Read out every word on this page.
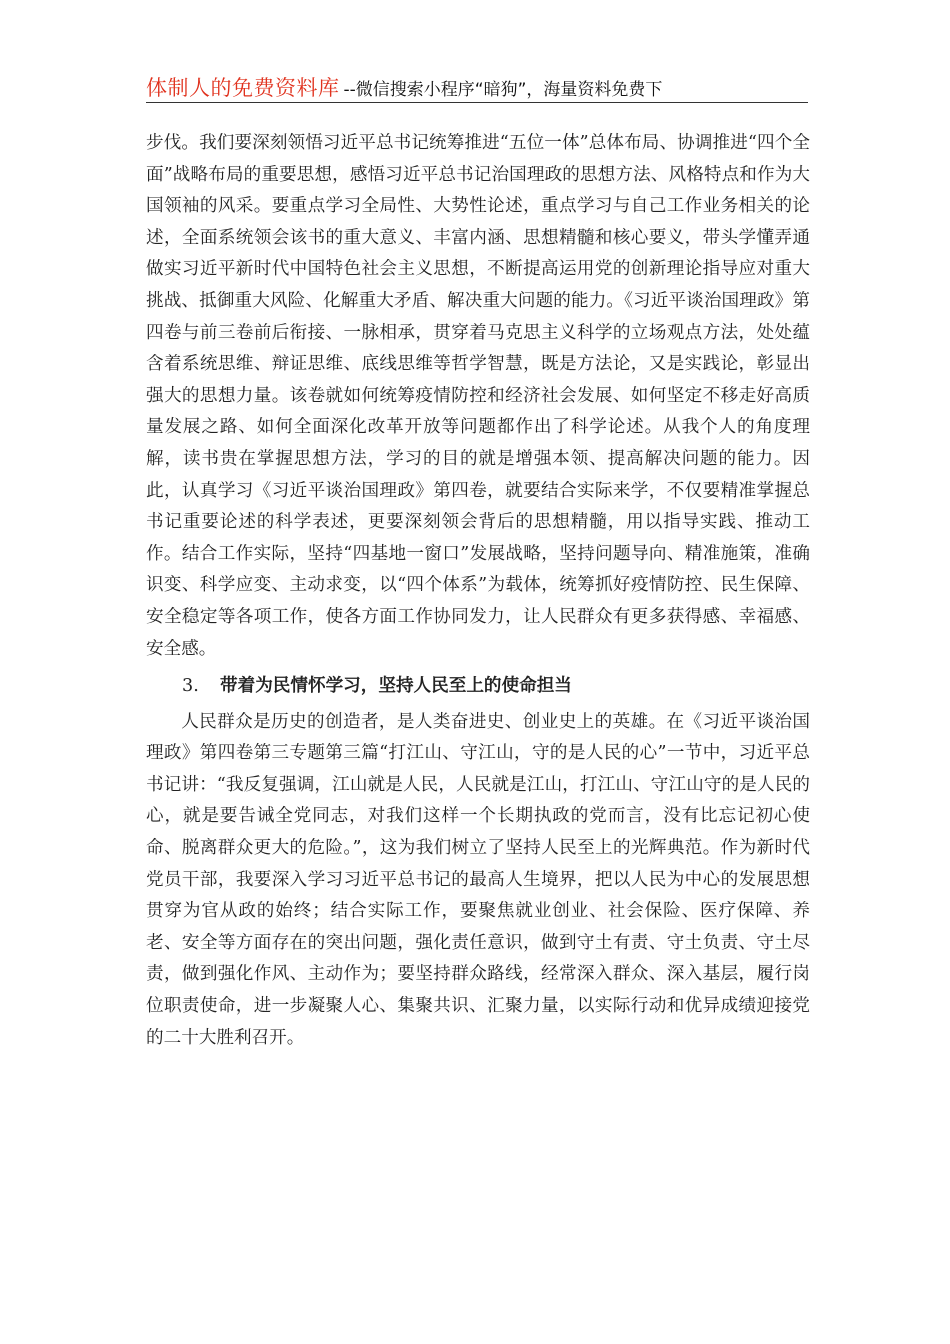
体制人的免费资料库 --微信搜索小程序“暗狗”，海量资料免费下

步伐。我们要深刻领悟习近平总书记统筹推进“五位一体”总体布局、协调推进“四个全面”战略布局的重要思想，感悟习近平总书记治国理政的思想方法、风格特点和作为大国领袖的风采。要重点学习全局性、大势性论述，重点学习与自己工作业务相关的论述，全面系统领会该书的重大意义、丰富内涵、思想精髓和核心要义，带头学懂弄通做实习近平新时代中国特色社会主义思想，不断提高运用党的创新理论指导应对重大挑战、抵御重大风险、化解重大矛盾、解决重大问题的能力。《习近平谈治国理政》第四卷与前三卷前后衔接、一脉相承，贯穿着马克思主义科学的立场观点方法，处处蕴含着系统思维、辩证思维、底线思维等哲学智慧，既是方法论，又是实践论，彰显出强大的思想力量。该卷就如何统筹疫情防控和经济社会发展、如何坚定不移走好高质量发展之路、如何全面深化改革开放等问题都作出了科学论述。从我个人的角度理解，读书贵在掌握思想方法，学习的目的就是增强本领、提高解决问题的能力。因此，认真学习《习近平谈治国理政》第四卷，就要结合实际来学，不仅要精准掌握总书记重要论述的科学表述，更要深刻领会背后的思想精髓，用以指导实践、推动工作。结合工作实际，坚持“四基地一窗口”发展战略，坚持问题导向、精准施策，准确识变、科学应变、主动求变，以“四个体系”为载体，统筹抓好疫情防控、民生保障、安全稳定等各项工作，使各方面工作协同发力，让人民群众有更多获得感、幸福感、安全感。

3. 带着为民情怀学习，坚持人民至上的使命担当

人民群众是历史的创造者，是人类奋进史、创业史上的英雄。在《习近平谈治国理政》第四卷第三专题第三篇“打江山、守江山，守的是人民的心”一节中，习近平总书记讲：“我反复强调，江山就是人民，人民就是江山，打江山、守江山守的是人民的心，就是要告诫全党同志，对我们这样一个长期执政的党而言，没有比忘记初心使命、脱离群众更大的危险。”，这为我们树立了坚持人民至上的光辉典范。作为新时代党员干部，我要深入学习习近平总书记的最高人生境界，把以人民为中心的发展思想贯穿为官从政的始终；结合实际工作，要聚焦就业创业、社会保险、医疗保障、养老、安全等方面存在的突出问题，强化责任意识，做到守土有责、守土负责、守土尽责，做到强化作风、主动作为；要坚持群众路线，经常深入群众、深入基层，履行岗位职责使命，进一步凝聚人心、集聚共识、汇聚力量，以实际行动和优异成绩迎接党的二十大胜利召开。
